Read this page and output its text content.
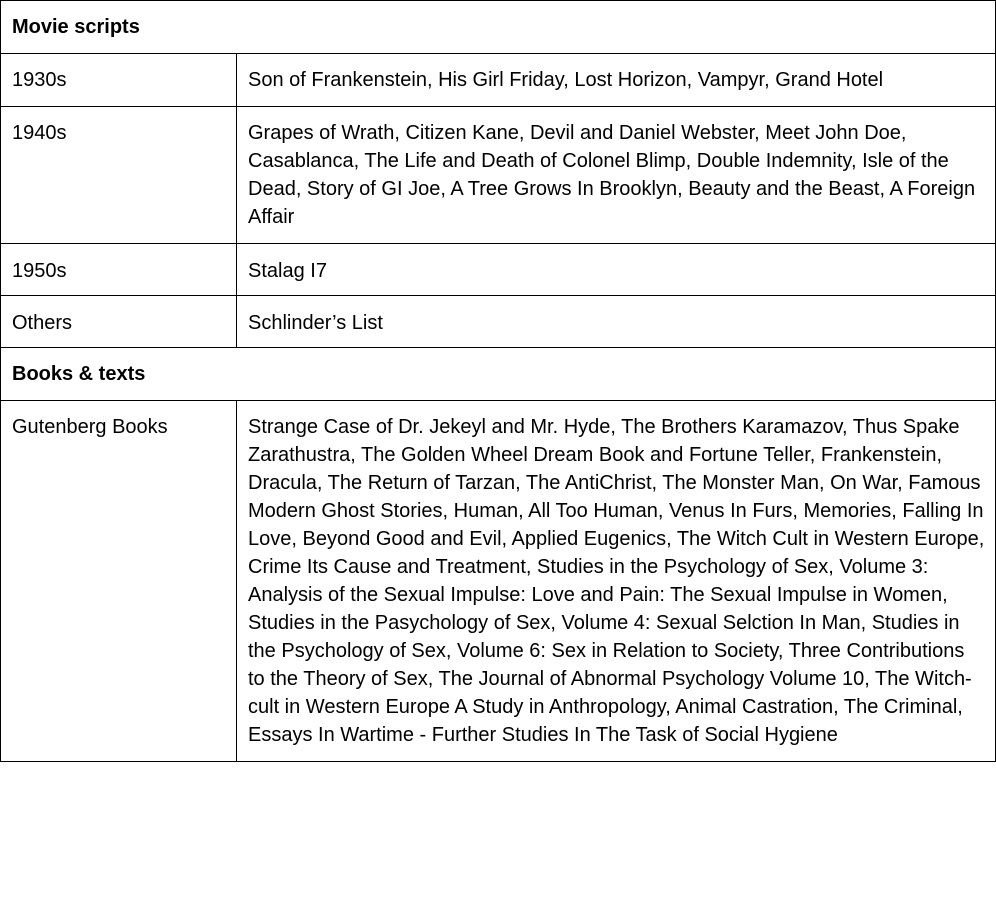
Movie scripts	
1930s	Son of Frankenstein, His Girl Friday, Lost Horizon, Vampyr, Grand Hotel
1940s	Grapes of Wrath, Citizen Kane, Devil and Daniel Webster, Meet John Doe, Casablanca, The Life and Death of Colonel Blimp, Double Indemnity, Isle of the Dead, Story of GI Joe, A Tree Grows In Brooklyn, Beauty and the Beast, A Foreign Affair
1950s	Stalag I7
Others	Schlinder’s List
Books & texts	
Gutenberg Books	Strange Case of Dr. Jekeyl and Mr. Hyde, The Brothers Karamazov, Thus Spake Zarathustra, The Golden Wheel Dream Book and Fortune Teller, Frankenstein, Dracula, The Return of Tarzan, The AntiChrist, The Monster Man, On War, Famous Modern Ghost Stories, Human, All Too Human, Venus In Furs, Memories, Falling In Love, Beyond Good and Evil, Applied Eugenics, The Witch Cult in Western Europe, Crime Its Cause and Treatment, Studies in the Psychology of Sex, Volume 3: Analysis of the Sexual Impulse: Love and Pain: The Sexual Impulse in Women, Studies in the Pasychology of Sex, Volume 4: Sexual Selction In Man, Studies in the Psychology of Sex, Volume 6: Sex in Relation to Society, Three Contributions to the Theory of Sex, The Journal of Abnormal Psychology Volume 10, The Witch-cult in Western Europe A Study in Anthropology, Animal Castration, The Criminal, Essays In Wartime - Further Studies In The Task of Social Hygiene
